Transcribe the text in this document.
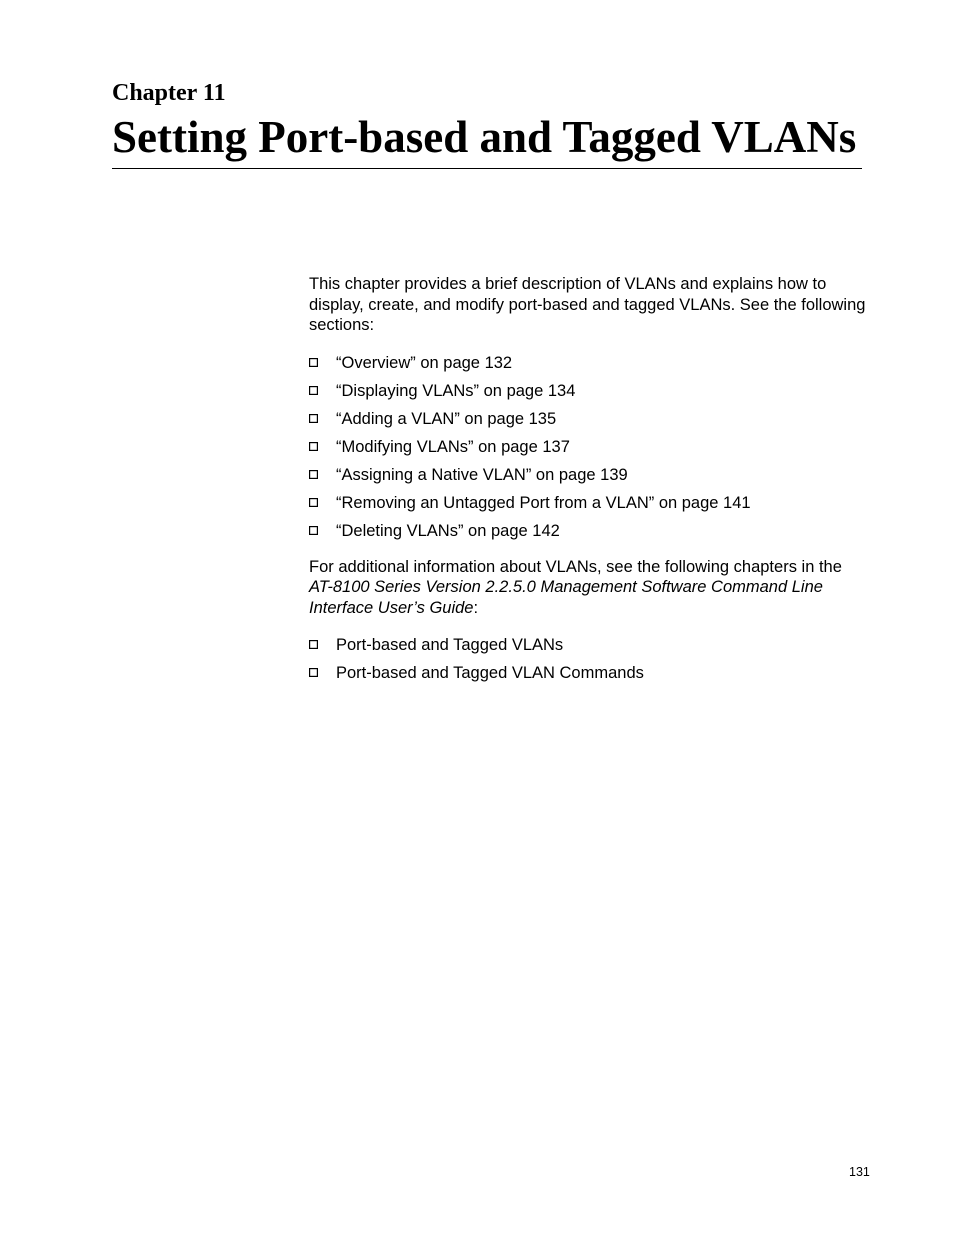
Chapter 11
Setting Port-based and Tagged VLANs

This chapter provides a brief description of VLANs and explains how to display, create, and modify port-based and tagged VLANs. See the following sections:

“Overview” on page 132
“Displaying VLANs” on page 134
“Adding a VLAN” on page 135
“Modifying VLANs” on page 137
“Assigning a Native VLAN” on page 139
“Removing an Untagged Port from a VLAN” on page 141
“Deleting VLANs” on page 142

For additional information about VLANs, see the following chapters in the AT-8100 Series Version 2.2.5.0 Management Software Command Line Interface User’s Guide:

Port-based and Tagged VLANs
Port-based and Tagged VLAN Commands
131
